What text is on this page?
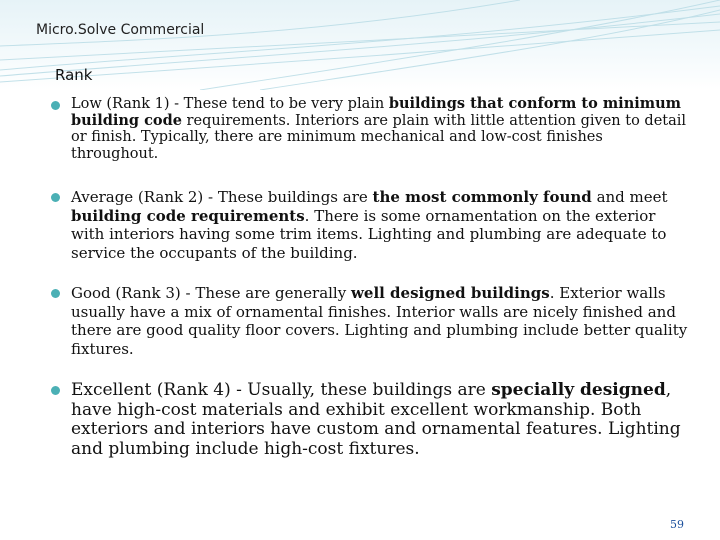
Micro.Solve Commercial
Rank
Low (Rank 1) - These tend to be very plain buildings that conform to minimum building code requirements. Interiors are plain with little attention given to detail or finish. Typically, there are minimum mechanical and low-cost finishes throughout.
Average (Rank 2) - These buildings are the most commonly found and meet building code requirements. There is some ornamentation on the exterior with interiors having some trim items. Lighting and plumbing are adequate to service the occupants of the building.
Good (Rank 3) - These are generally well designed buildings. Exterior walls usually have a mix of ornamental finishes. Interior walls are nicely finished and there are good quality floor covers. Lighting and plumbing include better quality fixtures.
Excellent (Rank 4) - Usually, these buildings are specially designed, have high-cost materials and exhibit excellent workmanship. Both exteriors and interiors have custom and ornamental features. Lighting and plumbing include high-cost fixtures.
59
